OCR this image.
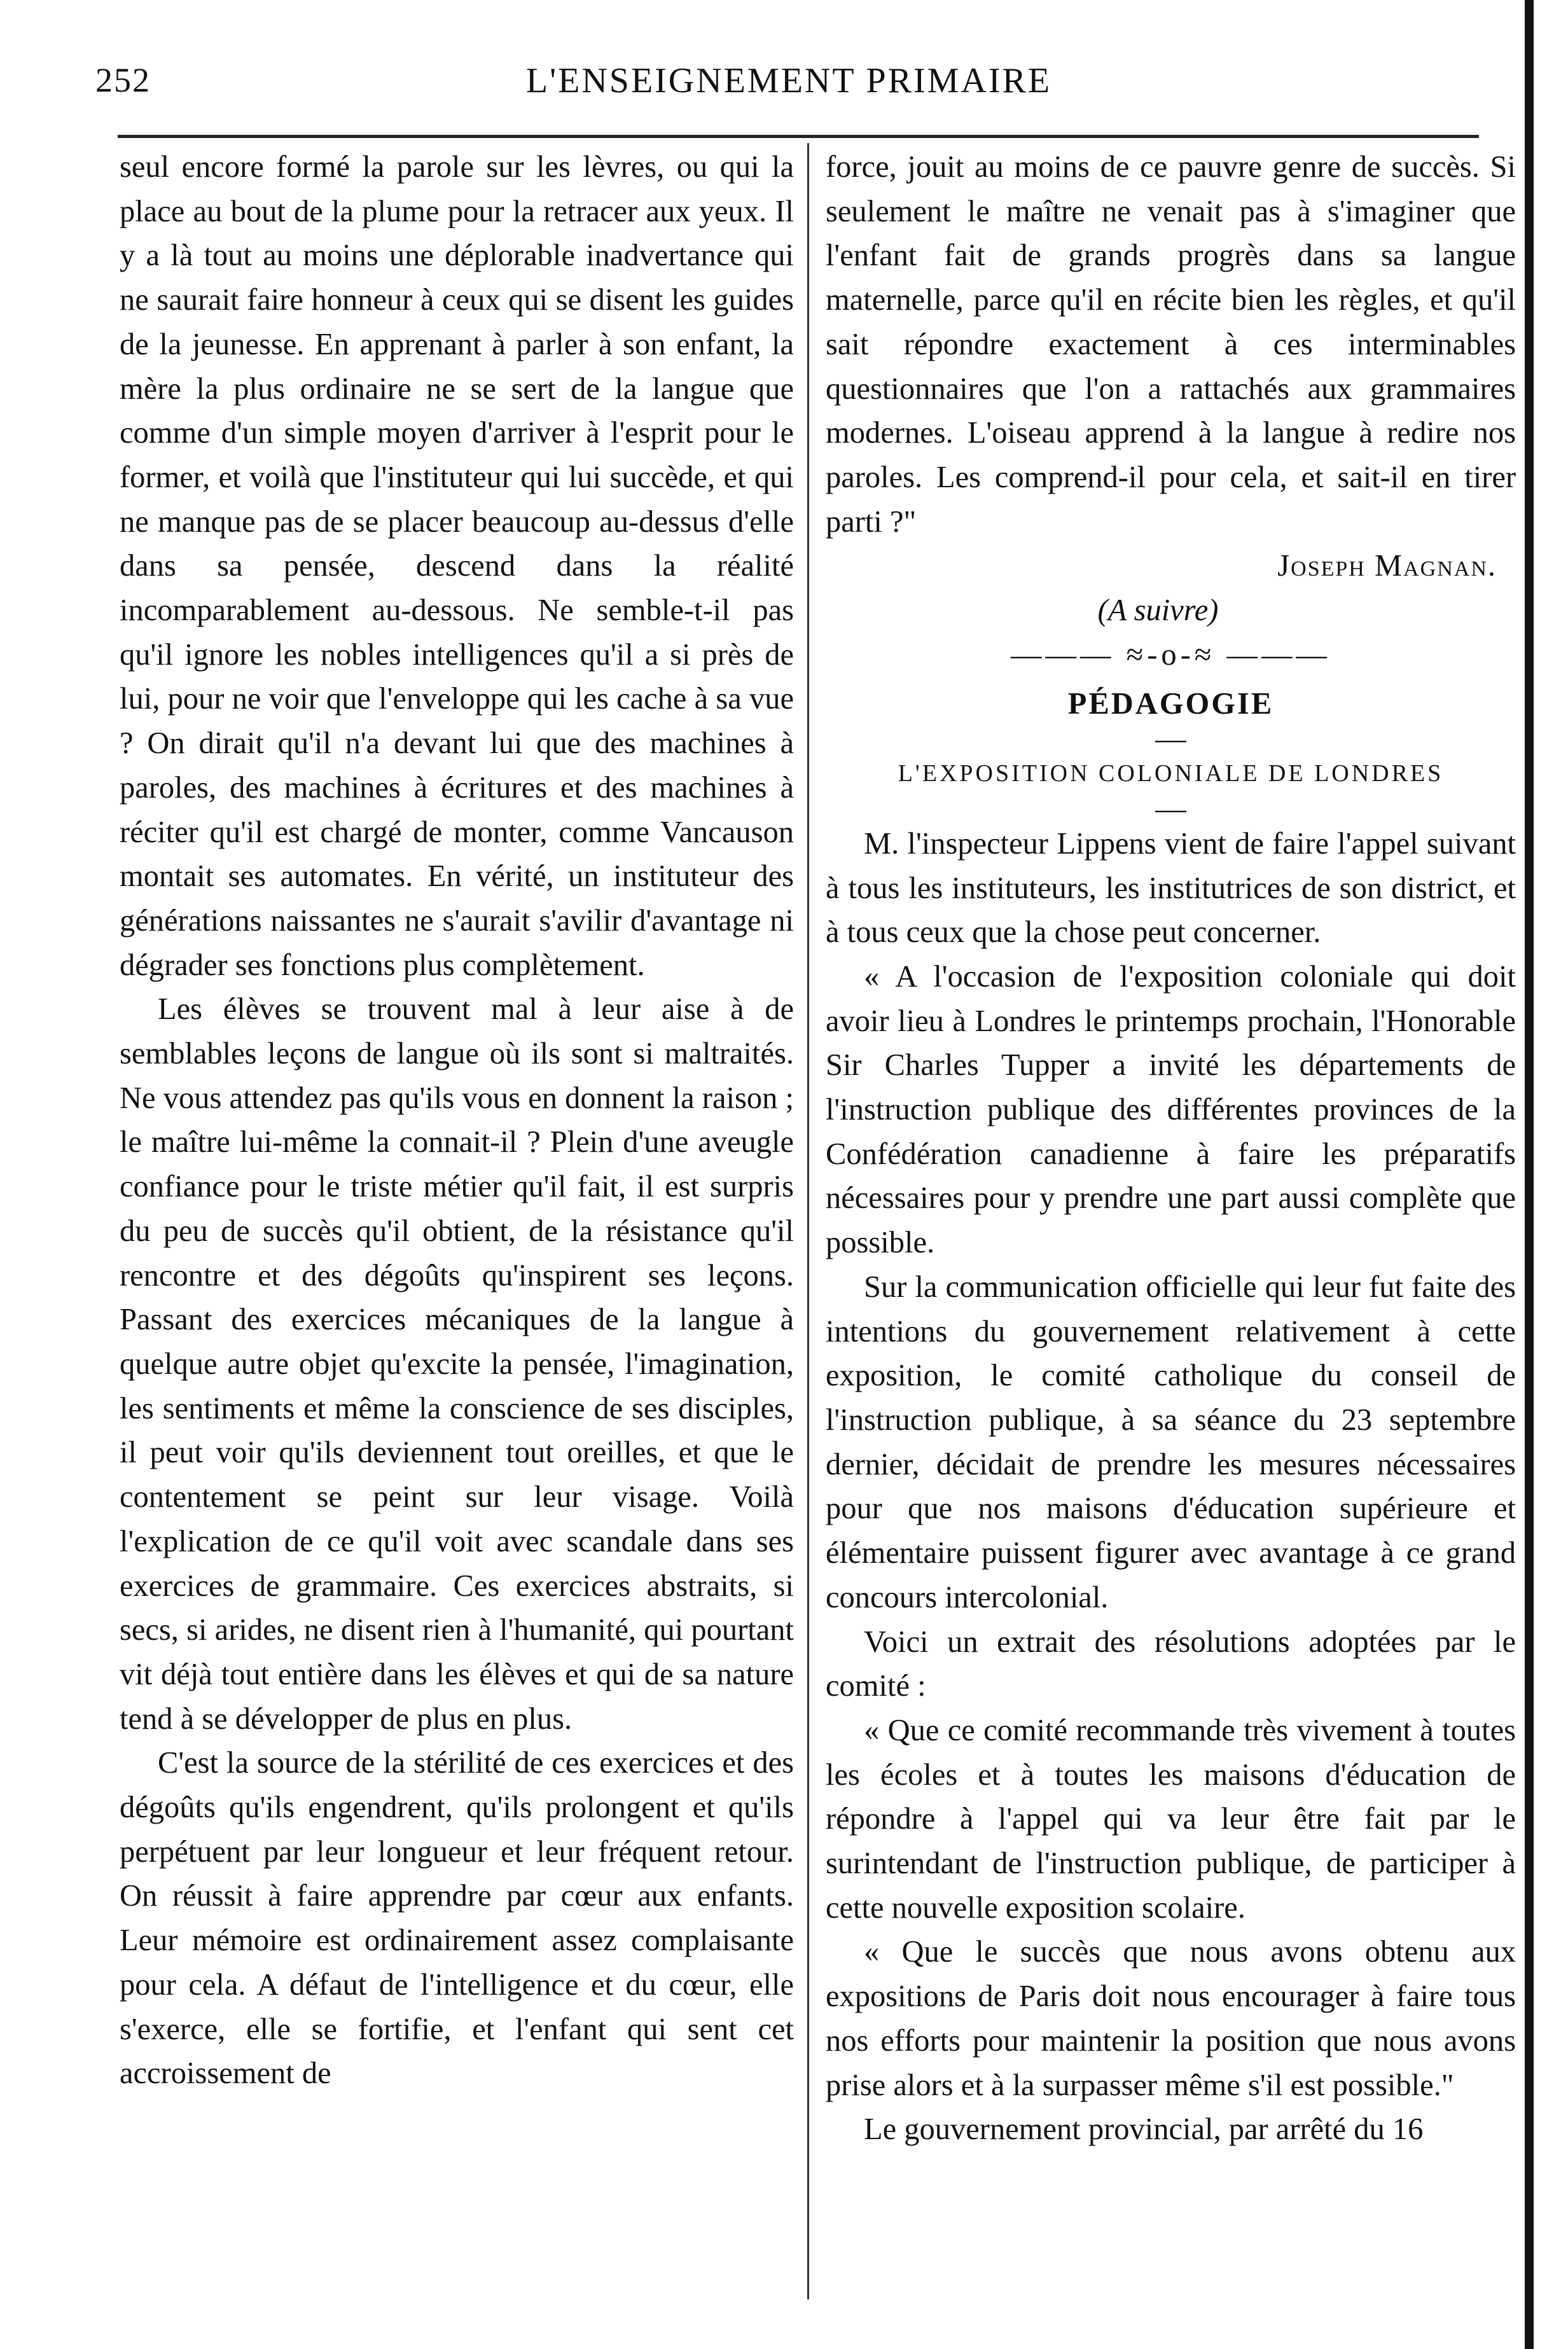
252	L'ENSEIGNEMENT PRIMAIRE

seul encore formé la parole sur les lèvres, ou qui la place au bout de la plume pour la retracer aux yeux. Il y a là tout au moins une déplorable inadvertance qui ne saurait faire honneur à ceux qui se disent les guides de la jeunesse. En apprenant à parler à son enfant, la mère la plus ordinaire ne se sert de la langue que comme d'un simple moyen d'arriver à l'esprit pour le former, et voilà que l'instituteur qui lui succède, et qui ne manque pas de se placer beaucoup au-dessus d'elle dans sa pensée, descend dans la réalité incomparablement au-dessous. Ne semble-t-il pas qu'il ignore les nobles intelligences qu'il a si près de lui, pour ne voir que l'enveloppe qui les cache à sa vue ? On dirait qu'il n'a devant lui que des machines à paroles, des machines à écritures et des machines à réciter qu'il est chargé de monter, comme Vancauson montait ses automates. En vérité, un instituteur des générations naissantes ne s'aurait s'avilir d'avantage ni dégrader ses fonctions plus complètement.

Les élèves se trouvent mal à leur aise à de semblables leçons de langue où ils sont si maltraités. Ne vous attendez pas qu'ils vous en donnent la raison ; le maître lui-même la connait-il ? Plein d'une aveugle confiance pour le triste métier qu'il fait, il est surpris du peu de succès qu'il obtient, de la résistance qu'il rencontre et des dégoûts qu'inspirent ses leçons. Passant des exercices mécaniques de la langue à quelque autre objet qu'excite la pensée, l'imagination, les sentiments et même la conscience de ses disciples, il peut voir qu'ils deviennent tout oreilles, et que le contentement se peint sur leur visage. Voilà l'explication de ce qu'il voit avec scandale dans ses exercices de grammaire. Ces exercices abstraits, si secs, si arides, ne disent rien à l'humanité, qui pourtant vit déjà tout entière dans les élèves et qui de sa nature tend à se développer de plus en plus.

C'est la source de la stérilité de ces exercices et des dégoûts qu'ils engendrent, qu'ils prolongent et qu'ils perpétuent par leur longueur et leur fréquent retour. On réussit à faire apprendre par cœur aux enfants. Leur mémoire est ordinairement assez complaisante pour cela. A défaut de l'intelligence et du cœur, elle s'exerce, elle se fortifie, et l'enfant qui sent cet accroissement de

force, jouit au moins de ce pauvre genre de succès. Si seulement le maître ne venait pas à s'imaginer que l'enfant fait de grands progrès dans sa langue maternelle, parce qu'il en récite bien les règles, et qu'il sait répondre exactement à ces interminables questionnaires que l'on a rattachés aux grammaires modernes. L'oiseau apprend à la langue à redire nos paroles. Les comprend-il pour cela, et sait-il en tirer parti ?"

Joseph Magnan.

(A suivre)

——— ≈-o-≈ ———

PÉDAGOGIE

—

L'EXPOSITION COLONIALE DE LONDRES

—

M. l'inspecteur Lippens vient de faire l'appel suivant à tous les instituteurs, les institutrices de son district, et à tous ceux que la chose peut concerner.

« A l'occasion de l'exposition coloniale qui doit avoir lieu à Londres le printemps prochain, l'Honorable Sir Charles Tupper a invité les départements de l'instruction publique des différentes provinces de la Confédération canadienne à faire les préparatifs nécessaires pour y prendre une part aussi complète que possible.

Sur la communication officielle qui leur fut faite des intentions du gouvernement relativement à cette exposition, le comité catholique du conseil de l'instruction publique, à sa séance du 23 septembre dernier, décidait de prendre les mesures nécessaires pour que nos maisons d'éducation supérieure et élémentaire puissent figurer avec avantage à ce grand concours intercolonial.

Voici un extrait des résolutions adoptées par le comité :

« Que ce comité recommande très vivement à toutes les écoles et à toutes les maisons d'éducation de répondre à l'appel qui va leur être fait par le surintendant de l'instruction publique, de participer à cette nouvelle exposition scolaire.

« Que le succès que nous avons obtenu aux expositions de Paris doit nous encourager à faire tous nos efforts pour maintenir la position que nous avons prise alors et à la surpasser même s'il est possible."

Le gouvernement provincial, par arrêté du 16
